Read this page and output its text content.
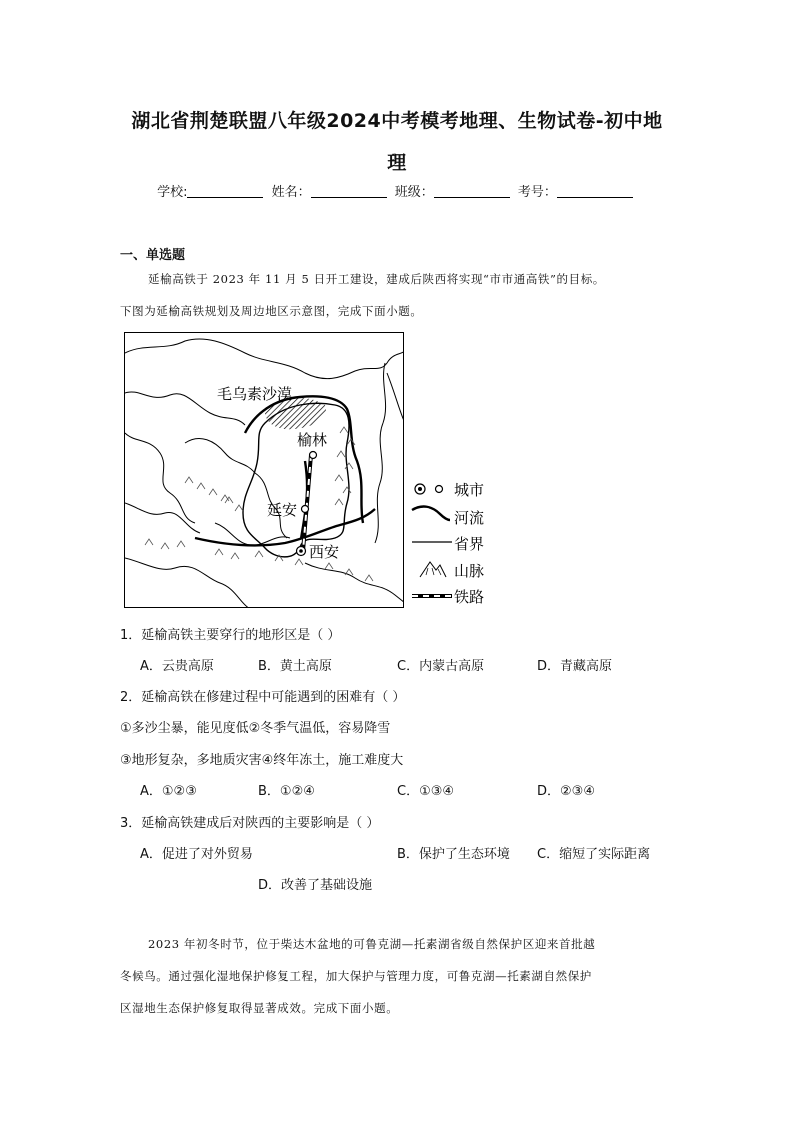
湖北省荆楚联盟八年级2024中考模考地理、生物试卷-初中地
理
学校:	姓名：	班级：	考号：
一、单选题
延榆高铁于 2023 年 11 月 5 日开工建设，建成后陕西将实现“市市通高铁”的目标。
下图为延榆高铁规划及周边地区示意图，完成下面小题。
毛乌素沙漠
榆林
延安
西安
城市
河流
省界
山脉
铁路
1．延榆高铁主要穿行的地形区是（ ）
A．云贵高原	B．黄土高原	C．内蒙古高原	D．青藏高原
2．延榆高铁在修建过程中可能遇到的困难有（ ）
①多沙尘暴，能见度低②冬季气温低，容易降雪
③地形复杂，多地质灾害④终年冻土，施工难度大
A．①②③	B．①②④	C．①③④	D．②③④
3．延榆高铁建成后对陕西的主要影响是（ ）
A．促进了对外贸易	B．保护了生态环境 C．缩短了实际距离
D．改善了基础设施
2023 年初冬时节，位于柴达木盆地的可鲁克湖—托素湖省级自然保护区迎来首批越
冬候鸟。通过强化湿地保护修复工程，加大保护与管理力度，可鲁克湖—托素湖自然保护
区湿地生态保护修复取得显著成效。完成下面小题。
